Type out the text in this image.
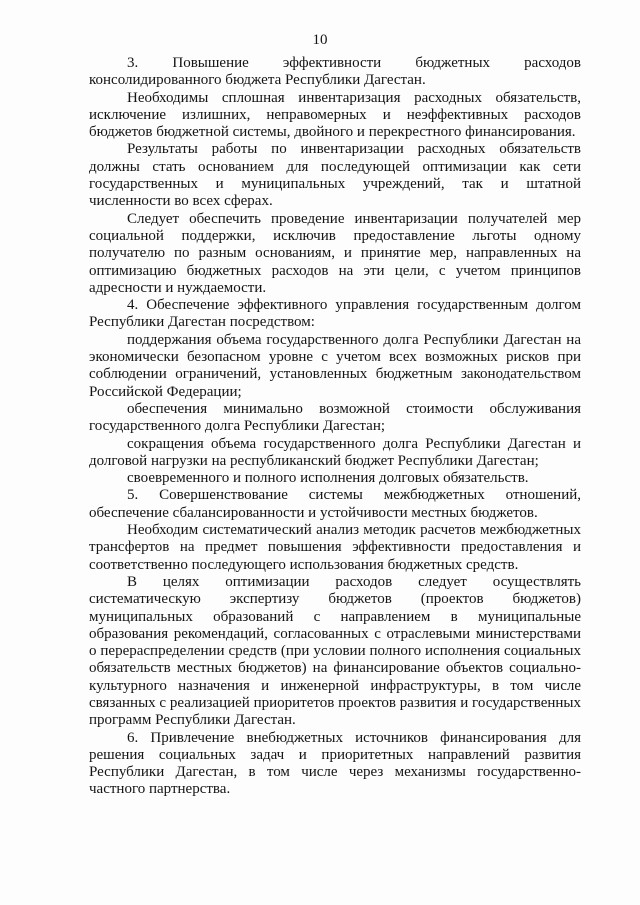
10

3. Повышение эффективности бюджетных расходов консолидированного бюджета Республики Дагестан.

Необходимы сплошная инвентаризация расходных обязательств, исключение излишних, неправомерных и неэффективных расходов бюджетов бюджетной системы, двойного и перекрестного финансирования.

Результаты работы по инвентаризации расходных обязательств должны стать основанием для последующей оптимизации как сети государственных и муниципальных учреждений, так и штатной численности во всех сферах.

Следует обеспечить проведение инвентаризации получателей мер социальной поддержки, исключив предоставление льготы одному получателю по разным основаниям, и принятие мер, направленных на оптимизацию бюджетных расходов на эти цели, с учетом принципов адресности и нуждаемости.

4. Обеспечение эффективного управления государственным долгом Республики Дагестан посредством:

поддержания объема государственного долга Республики Дагестан на экономически безопасном уровне с учетом всех возможных рисков при соблюдении ограничений, установленных бюджетным законодательством Российской Федерации;

обеспечения минимально возможной стоимости обслуживания государственного долга Республики Дагестан;

сокращения объема государственного долга Республики Дагестан и долговой нагрузки на республиканский бюджет Республики Дагестан;

своевременного и полного исполнения долговых обязательств.

5. Совершенствование системы межбюджетных отношений, обеспечение сбалансированности и устойчивости местных бюджетов.

Необходим систематический анализ методик расчетов межбюджетных трансфертов на предмет повышения эффективности предоставления и соответственно последующего использования бюджетных средств.

В целях оптимизации расходов следует осуществлять систематическую экспертизу бюджетов (проектов бюджетов) муниципальных образований с направлением в муниципальные образования рекомендаций, согласованных с отраслевыми министерствами о перераспределении средств (при условии полного исполнения социальных обязательств местных бюджетов) на финансирование объектов социально-культурного назначения и инженерной инфраструктуры, в том числе связанных с реализацией приоритетов проектов развития и государственных программ Республики Дагестан.

6. Привлечение внебюджетных источников финансирования для решения социальных задач и приоритетных направлений развития Республики Дагестан, в том числе через механизмы государственно-частного партнерства.
